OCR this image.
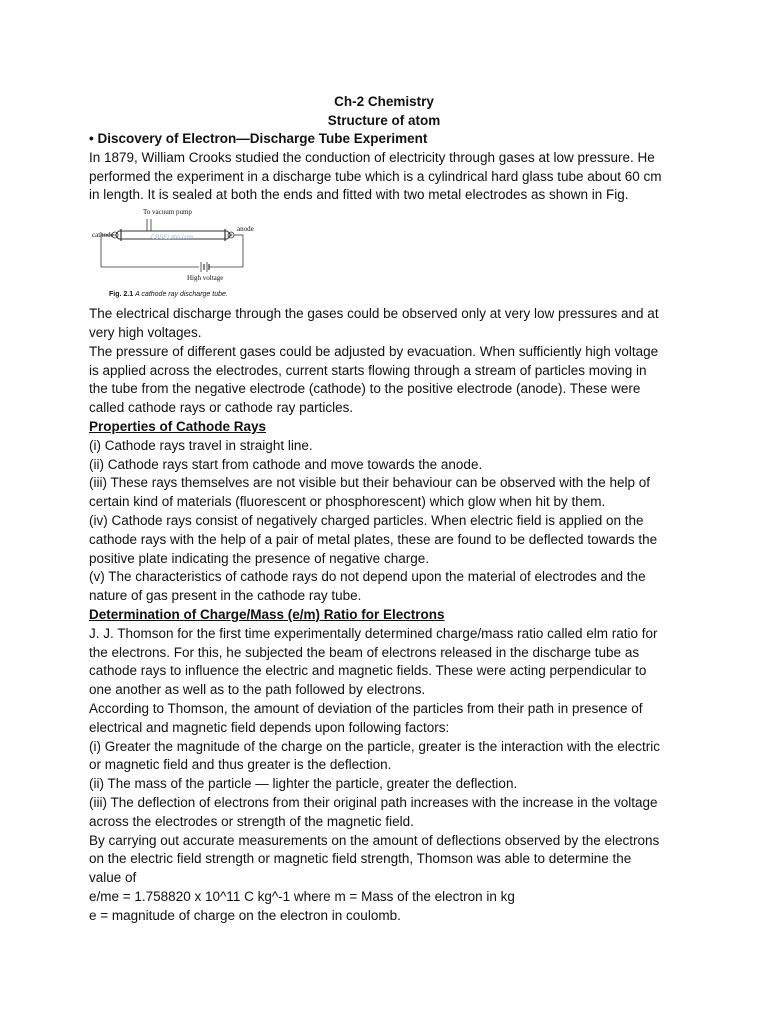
Ch-2 Chemistry
Structure of atom

• Discovery of Electron—Discharge Tube Experiment

In 1879, William Crooks studied the conduction of electricity through gases at low pressure. He

performed the experiment in a discharge tube which is a cylindrical hard glass tube about 60 cm

in length. It is sealed at both the ends and fitted with two metal electrodes as shown in Fig.

To vacuum pump
cathode
anode
High voltage
CBSELabs.com
Fig. 2.1 A cathode ray discharge tube.

The electrical discharge through the gases could be observed only at very low pressures and at

very high voltages.

The pressure of different gases could be adjusted by evacuation. When sufficiently high voltage

is applied across the electrodes, current starts flowing through a stream of particles moving in

the tube from the negative electrode (cathode) to the positive electrode (anode). These were

called cathode rays or cathode ray particles.

Properties of Cathode Rays

(i) Cathode rays travel in straight line.

(ii) Cathode rays start from cathode and move towards the anode.

(iii) These rays themselves are not visible but their behaviour can be observed with the help of

certain kind of materials (fluorescent or phosphorescent) which glow when hit by them.

(iv) Cathode rays consist of negatively charged particles. When electric field is applied on the

cathode rays with the help of a pair of metal plates, these are found to be deflected towards the

positive plate indicating the presence of negative charge.

(v) The characteristics of cathode rays do not depend upon the material of electrodes and the

nature of gas present in the cathode ray tube.

Determination of Charge/Mass (e/m) Ratio for Electrons

J. J. Thomson for the first time experimentally determined charge/mass ratio called elm ratio for

the electrons. For this, he subjected the beam of electrons released in the discharge tube as

cathode rays to influence the electric and magnetic fields. These were acting perpendicular to

one another as well as to the path followed by electrons.

According to Thomson, the amount of deviation of the particles from their path in presence of

electrical and magnetic field depends upon following factors:

(i) Greater the magnitude of the charge on the particle, greater is the interaction with the electric

or magnetic field and thus greater is the deflection.

(ii) The mass of the particle — lighter the particle, greater the deflection.

(iii) The deflection of electrons from their original path increases with the increase in the voltage

across the electrodes or strength of the magnetic field.

By carrying out accurate measurements on the amount of deflections observed by the electrons

on the electric field strength or magnetic field strength, Thomson was able to determine the

value of

e/me = 1.758820 x 10^11 C kg^-1 where m = Mass of the electron in kg

e = magnitude of charge on the electron in coulomb.
